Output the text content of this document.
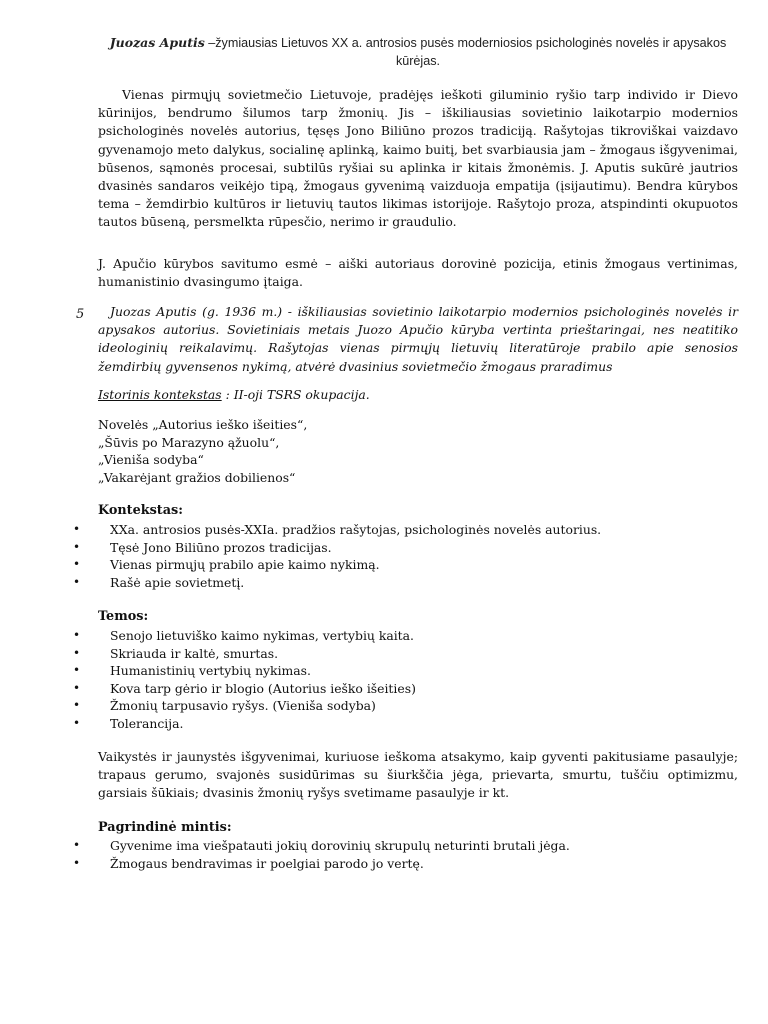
Juozas Aputis –žymiausias Lietuvos XX a. antrosios pusės moderniosios psichologinės novelės ir apysakos kūrėjas.

Vienas pirmųjų sovietmečio Lietuvoje, pradėjęs ieškoti giluminio ryšio tarp individo ir Dievo kūrinijos, bendrumo šilumos tarp žmonių. Jis – iškiliausias sovietinio laikotarpio modernios psichologinės novelės autorius, tęsęs Jono Biliūno prozos tradiciją. Rašytojas tikroviškai vaizdavo gyvenamojo meto dalykus, socialinę aplinką, kaimo buitį, bet svarbiausia jam – žmogaus išgyvenimai, būsenos, sąmonės procesai, subtilūs ryšiai su aplinka ir kitais žmonėmis. J. Aputis sukūrė jautrios dvasinės sandaros veikėjo tipą, žmogaus gyvenimą vaizduoja empatija (įsijautimu). Bendra kūrybos tema – žemdirbio kultūros ir lietuvių tautos likimas istorijoje. Rašytojo proza, atspindinti okupuotos tautos būseną, persmelkta rūpesčio, nerimo ir graudulio.

J. Apučio kūrybos savitumo esmė – aiški autoriaus dorovinė pozicija, etinis žmogaus vertinimas, humanistinio dvasingumo įtaiga.

5	Juozas Aputis (g. 1936 m.) - iškiliausias sovietinio laikotarpio modernios psichologinės novelės ir apysakos autorius. Sovietiniais metais Juozo Apučio kūryba vertinta prieštaringai, nes neatitiko ideologinių reikalavimų. Rašytojas vienas pirmųjų lietuvių literatūroje prabilo apie senosios žemdirbių gyvensenos nykimą, atvėrė dvasinius sovietmečio žmogaus praradimus

Istorinis kontekstas : II-oji TSRS okupacija.

Novelės „Autorius ieško išeities“,
„Šūvis po Marazyno ąžuolu“,
„Vienišа sodyba“
„Vakarėjant gražios dobilienos“

Kontekstas:

• XXa. antrosios pusės-XXIa. pradžios rašytojas, psichologinės novelės autorius.
• Tęsė Jono Biliūno prozos tradicijas.
• Vienas pirmųjų prabilo apie kaimo nykimą.
• Rašė apie sovietmetį.

Temos:

• Senojo lietuviško kaimo nykimas, vertybių kaita.
• Skriauda ir kaltė, smurtas.
• Humanistinių vertybių nykimas.
• Kova tarp gėrio ir blogio (Autorius ieško išeities)
• Žmonių tarpusavio ryšys. (Vienišа sodyba)
• Tolerancija.

Vaikystės ir jaunystės išgyvenimai, kuriuose ieškoma atsakymo, kaip gyventi pakitusiame pasaulyje; trapaus gerumo, svajonės susidūrimas su šiurkščia jėga, prievarta, smurtu, tuščiu optimizmu, garsiais šūkiais; dvasinis žmonių ryšys svetimame pasaulyje ir kt.

Pagrindinė mintis:

• Gyvenime ima viešpatauti jokių dorovinių skrupulų neturinti brutali jėga.
• Žmogaus bendravimas ir poelgiai parodo jo vertę.
